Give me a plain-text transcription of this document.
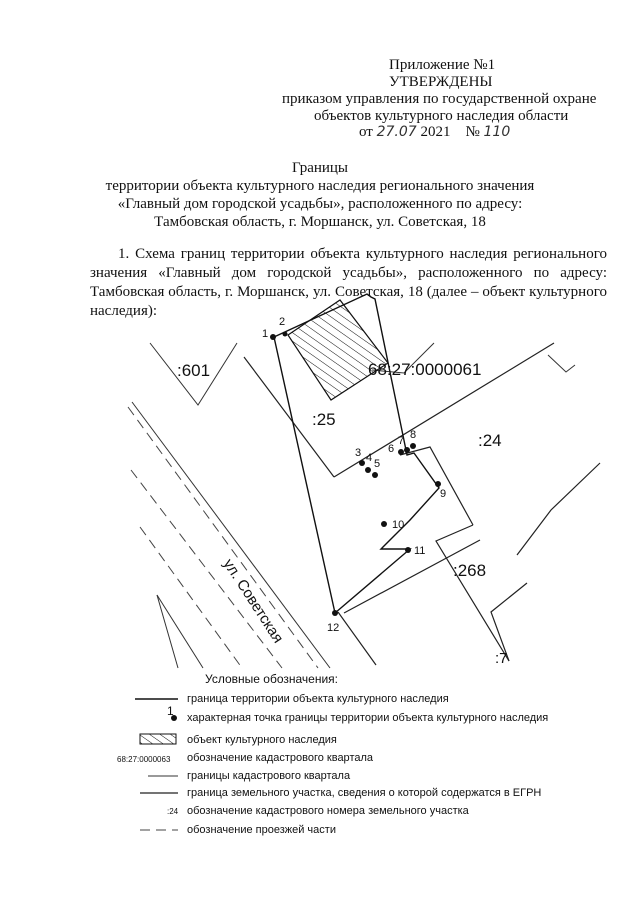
Приложение №1
УТВЕРЖДЕНЫ
приказом управления по государственной охране
объектов культурного наследия области
от 27.07 2021 № 110
Границы
территории объекта культурного наследия регионального значения
«Главный дом городской усадьбы», расположенного по адресу:
Тамбовская область, г. Моршанск, ул. Советская, 18
1. Схема границ территории объекта культурного наследия регионального значения «Главный дом городской усадьбы», расположенного по адресу: Тамбовская область, г. Моршанск, ул. Советская, 18 (далее – объект культурного наследия):
1
2
3 4 5
6
7 8
9
10
11
12
:601	68:27:0000061
:25
:24
:268
:7
ул. Советская
Условные обозначения:
1
68:27:0000063
:24
граница территории объекта культурного наследия
характерная точка границы территории объекта культурного наследия
объект культурного наследия
обозначение кадастрового квартала
границы кадастрового квартала
граница земельного участка, сведения о которой содержатся в ЕГРН
обозначение кадастрового номера земельного участка
обозначение проезжей части
